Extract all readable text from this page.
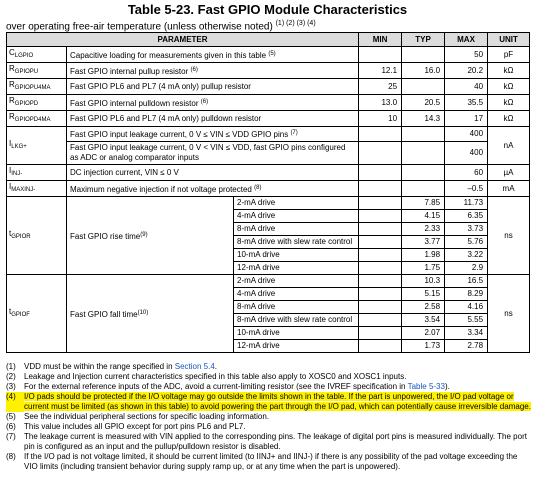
Table 5-23. Fast GPIO Module Characteristics
over operating free-air temperature (unless otherwise noted) $^{(1) (2) (3) (4)}$
PARAMETER			MIN	TYP	MAX	UNIT
$C_{LGPIO}$	Capacitive loading for measurements given in this table $^{(5)}$				50	pF
$R_{GPIOPU}$	Fast GPIO internal pullup resistor $^{(6)}$		12.1	16.0	20.2	kΩ
$R_{GPIOPU4MA}$	Fast GPIO PL6 and PL7 (4 mA only) pullup resistor		25		40	kΩ
$R_{GPIOPD}$	Fast GPIO internal pulldown resistor $^{(6)}$		13.0	20.5	35.5	kΩ
$R_{GPIOPD4MA}$	Fast GPIO PL6 and PL7 (4 mA only) pulldown resistor		10	14.3	17	kΩ
$I_{LKG+}$	Fast GPIO input leakage current, 0 V ≤ VIN ≤ VDD GPIO pins $^{(7)}$				400	nA
	Fast GPIO input leakage current, 0 V < VIN ≤ VDD, fast GPIO pins configured as ADC or analog comparator inputs				400	
$I_{INJ-}$	DC injection current, VIN ≤ 0 V				60	µA
$I_{MAXINJ-}$	Maximum negative injection if not voltage protected $^{(8)}$				–0.5	mA
$t_{GPIOR}$	Fast GPIO rise time$^{(9)}$	2-mA drive		7.85	11.73	ns
		4-mA drive		4.15	6.35	
		8-mA drive		2.33	3.73	
		8-mA drive with slew rate control		3.77	5.76	
		10-mA drive		1.98	3.22	
		12-mA drive		1.75	2.9	
$t_{GPIOF}$	Fast GPIO fall time$^{(10)}$	2-mA drive		10.3	16.5	ns
		4-mA drive		5.15	8.29	
		8-mA drive		2.58	4.16	
		8-mA drive with slew rate control		3.54	5.55	
		10-mA drive		2.07	3.34	
		12-mA drive		1.73	2.78	
(1)	VDD must be within the range specified in Section 5.4.
(2)	Leakage and Injection current characteristics specified in this table also apply to XOSC0 and XOSC1 inputs.
(3)	For the external reference inputs of the ADC, avoid a current-limiting resistor (see the IVREF specification in Table 5-33).
(4)	I/O pads should be protected if the I/O voltage may go outside the limits shown in the table. If the part is unpowered, the I/O pad voltage or current must be limited (as shown in this table) to avoid powering the part through the I/O pad, which can potentially cause irreversible damage.
(5)	See the individual peripheral sections for specific loading information.
(6)	This value includes all GPIO except for port pins PL6 and PL7.
(7)	The leakage current is measured with VIN applied to the corresponding pins. The leakage of digital port pins is measured individually. The port pin is configured as an input and the pullup/pulldown resistor is disabled.
(8)	If the I/O pad is not voltage limited, it should be current limited (to IINJ+ and IINJ-) if there is any possibility of the pad voltage exceeding the VIO limits (including transient behavior during supply ramp up, or at any time when the part is unpowered).
